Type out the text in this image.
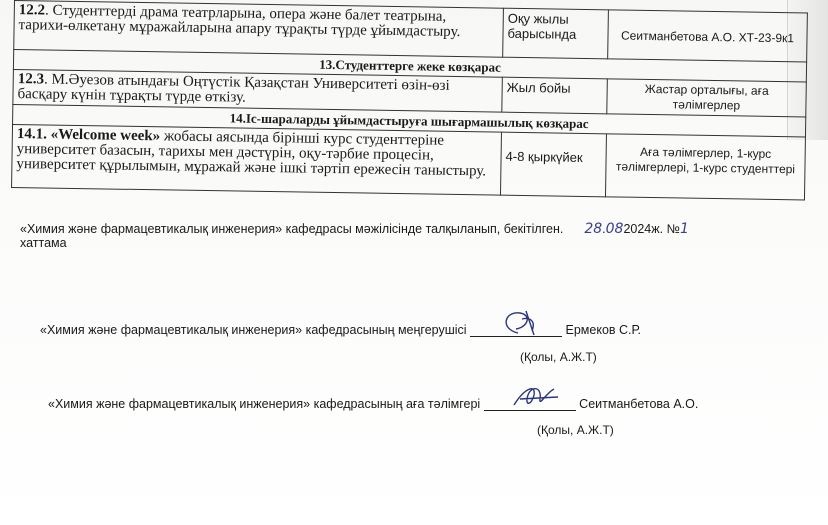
12.2. Студенттерді драма театрларына, опера және балет театрына, тарихи-өлкетану мұражайларына апару тұрақты түрде ұйымдастыру.	Оқу жылы барысында	Сеитманбетова А.О. ХТ-23-9к1
13.Студенттерге жеке көзқарас		
12.3. М.Әуезов атындағы Оңтүстік Қазақстан Университеті өзін-өзі басқару күнін тұрақты түрде өткізу.	Жыл бойы	Жастар орталығы, аға тәлімгерлер
14.Іс-шараларды ұйымдастыруға шығармашылық көзқарас		
14.1. «Welcome week» жобасы аясында бірінші курс студенттеріне университет базасын, тарихы мен дәстүрін, оқу-тәрбие процесін, университет құрылымын, мұражай және ішкі тәртіп ережесін таныстыру.	4-8 қыркүйек	Аға тәлімгерлер, 1-курс тәлімгерлері, 1-курс студенттері
«Химия және фармацевтикалық инженерия» кафедрасы мәжілісінде талқыланып, бекітілген. 28.082024ж. №1
хаттама
«Химия және фармацевтикалық инженерия» кафедрасының меңгерушісі	Ермеков С.Р.
(Қолы, А.Ж.Т)
«Химия және фармацевтикалық инженерия» кафедрасының аға тәлімгері	Сеитманбетова А.О.
(Қолы, А.Ж.Т)
